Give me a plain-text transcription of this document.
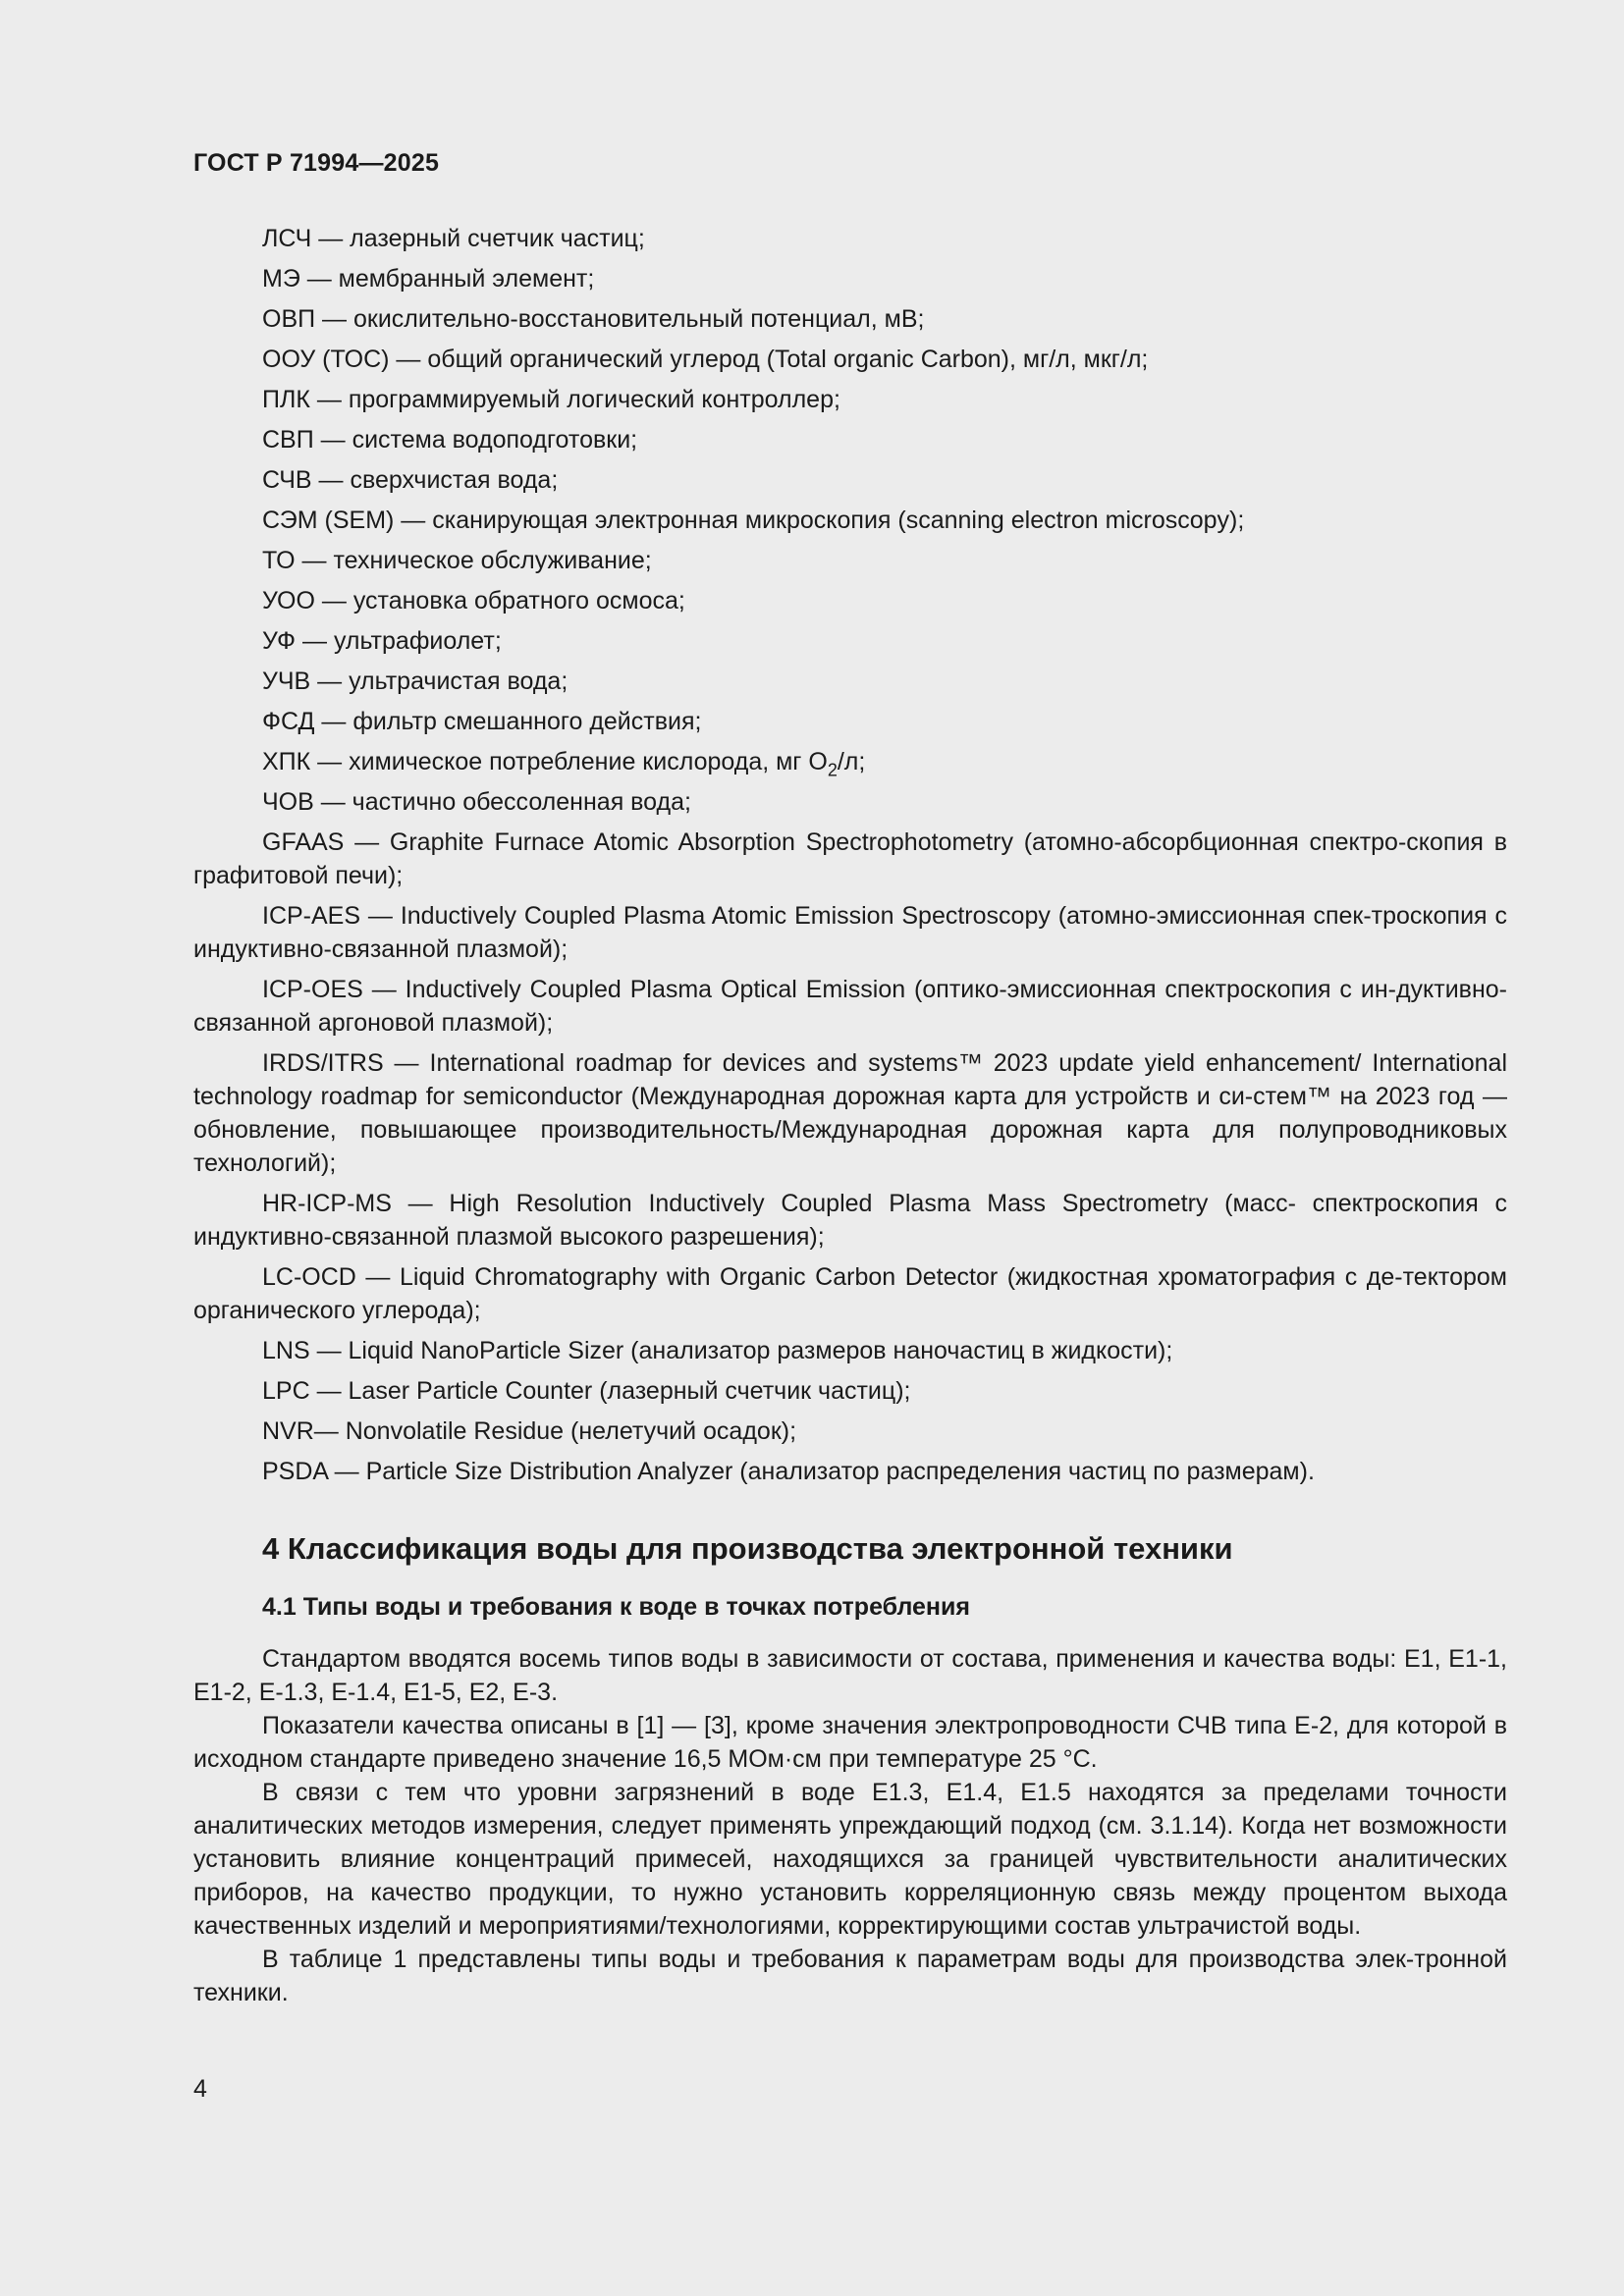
ГОСТ Р 71994—2025

ЛСЧ — лазерный счетчик частиц;

МЭ — мембранный элемент;

ОВП — окислительно-восстановительный потенциал, мВ;

ООУ (ТОС) — общий органический углерод (Total organic Carbon), мг/л, мкг/л;

ПЛК — программируемый логический контроллер;

СВП — система водоподготовки;

СЧВ — сверхчистая вода;

СЭМ (SEM) — сканирующая электронная микроскопия (scanning electron microscopy);

ТО — техническое обслуживание;

УОО — установка обратного осмоса;

УФ — ультрафиолет;

УЧВ — ультрачистая вода;

ФСД — фильтр смешанного действия;

ХПК — химическое потребление кислорода, мг $O_2/л$;

ЧОВ — частично обессоленная вода;

GFAAS — Graphite Furnace Atomic Absorption Spectrophotometry (атомно-абсорбционная спектро-скопия в графитовой печи);

ICP-AES — Inductively Coupled Plasma Atomic Emission Spectroscopy (атомно-эмиссионная спек-троскопия с индуктивно-связанной плазмой);

ICP-OES — Inductively Coupled Plasma Optical Emission (оптико-эмиссионная спектроскопия с ин-дуктивно-связанной аргоновой плазмой);

IRDS/ITRS — International roadmap for devices and systems™ 2023 update yield enhancement/ International technology roadmap for semiconductor (Международная дорожная карта для устройств и си-стем™ на 2023 год — обновление, повышающее производительность/Международная дорожная карта для полупроводниковых технологий);

HR-ICP-MS — High Resolution Inductively Coupled Plasma Mass Spectrometry (масс- спектроскопия с индуктивно-связанной плазмой высокого разрешения);

LC-OCD — Liquid Chromatography with Organic Carbon Detector (жидкостная хроматография с де-тектором органического углерода);

LNS — Liquid NanoParticle Sizer (анализатор размеров наночастиц в жидкости);

LPC — Laser Particle Counter (лазерный счетчик частиц);

NVR— Nonvolatile Residue (нелетучий осадок);

PSDA — Particle Size Distribution Analyzer (анализатор распределения частиц по размерам).

4 Классификация воды для производства электронной техники
4.1 Типы воды и требования к воде в точках потребления

Стандартом вводятся восемь типов воды в зависимости от состава, применения и качества воды: Е1, Е1-1, Е1-2, Е-1.3, Е-1.4, Е1-5, Е2, Е-3.

Показатели качества описаны в [1] — [3], кроме значения электропроводности СЧВ типа Е-2, для которой в исходном стандарте приведено значение 16,5 МОм·см при температуре 25 °С.

В связи с тем что уровни загрязнений в воде Е1.3, Е1.4, Е1.5 находятся за пределами точности аналитических методов измерения, следует применять упреждающий подход (см. 3.1.14). Когда нет возможности установить влияние концентраций примесей, находящихся за границей чувствительности аналитических приборов, на качество продукции, то нужно установить корреляционную связь между процентом выхода качественных изделий и мероприятиями/технологиями, корректирующими состав ультрачистой воды.

В таблице 1 представлены типы воды и требования к параметрам воды для производства элек-тронной техники.

4
